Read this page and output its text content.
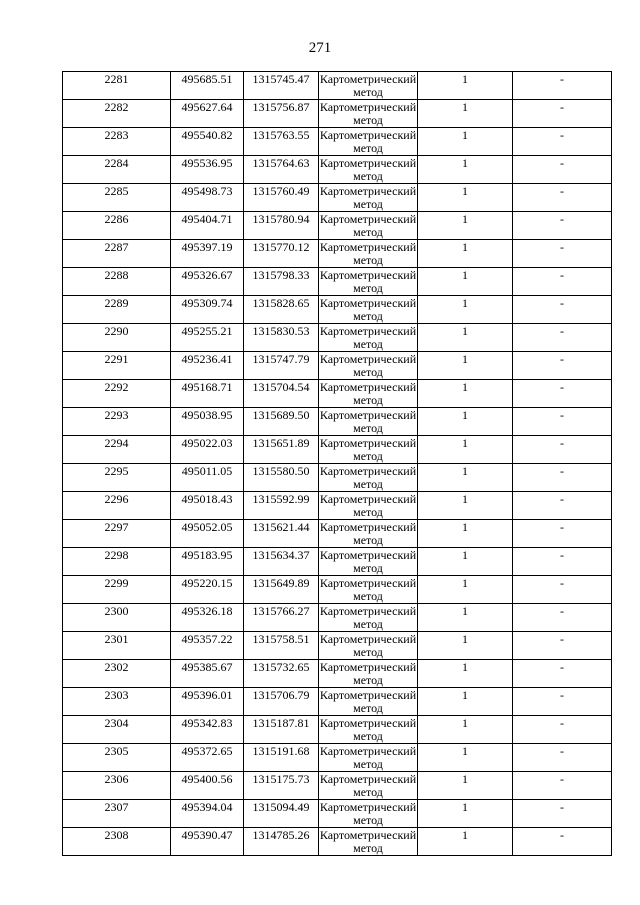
271
2281	495685.51	1315745.47	Картометрический метод	1	-

2282	495627.64	1315756.87	Картометрический метод	1	-

2283	495540.82	1315763.55	Картометрический метод	1	-

2284	495536.95	1315764.63	Картометрический метод	1	-

2285	495498.73	1315760.49	Картометрический метод	1	-

2286	495404.71	1315780.94	Картометрический метод	1	-

2287	495397.19	1315770.12	Картометрический метод	1	-

2288	495326.67	1315798.33	Картометрический метод	1	-

2289	495309.74	1315828.65	Картометрический метод	1	-

2290	495255.21	1315830.53	Картометрический метод	1	-

2291	495236.41	1315747.79	Картометрический метод	1	-

2292	495168.71	1315704.54	Картометрический метод	1	-

2293	495038.95	1315689.50	Картометрический метод	1	-

2294	495022.03	1315651.89	Картометрический метод	1	-

2295	495011.05	1315580.50	Картометрический метод	1	-

2296	495018.43	1315592.99	Картометрический метод	1	-

2297	495052.05	1315621.44	Картометрический метод	1	-

2298	495183.95	1315634.37	Картометрический метод	1	-

2299	495220.15	1315649.89	Картометрический метод	1	-

2300	495326.18	1315766.27	Картометрический метод	1	-

2301	495357.22	1315758.51	Картометрический метод	1	-

2302	495385.67	1315732.65	Картометрический метод	1	-

2303	495396.01	1315706.79	Картометрический метод	1	-

2304	495342.83	1315187.81	Картометрический метод	1	-

2305	495372.65	1315191.68	Картометрический метод	1	-

2306	495400.56	1315175.73	Картометрический метод	1	-

2307	495394.04	1315094.49	Картометрический метод	1	-

2308	495390.47	1314785.26	Картометрический метод	1	-
